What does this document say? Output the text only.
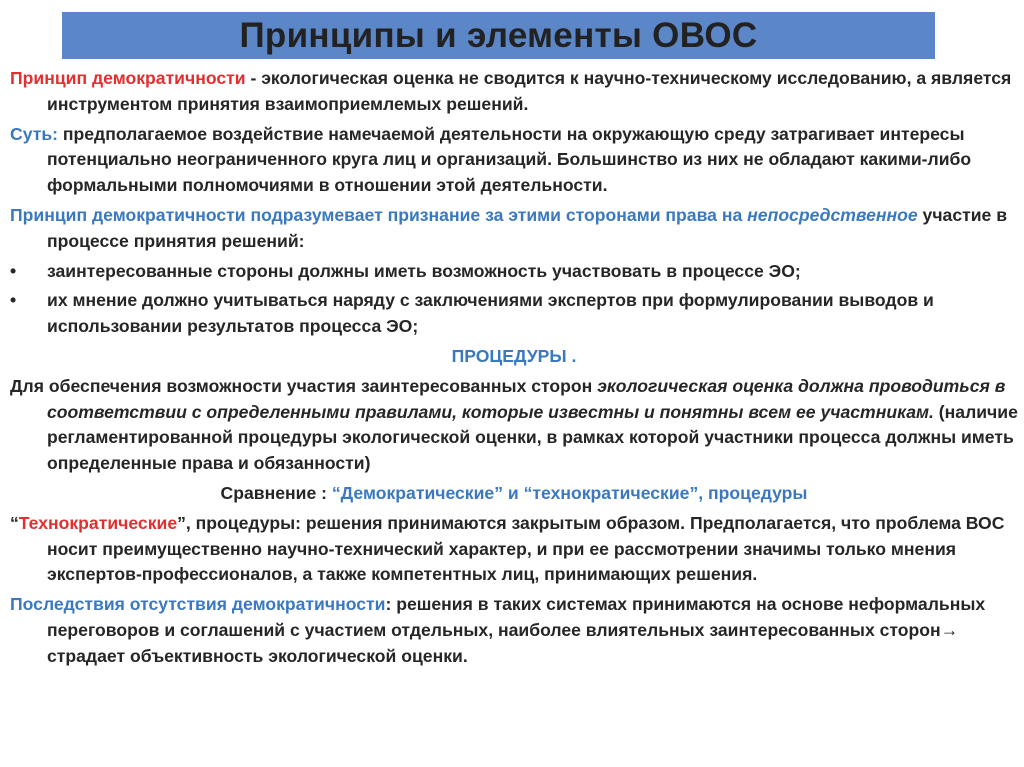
Принципы и элементы ОВОС

Принцип демократичности - экологическая оценка не сводится к научно-техническому исследованию, а является инструментом принятия взаимоприемлемых решений.

Суть: предполагаемое воздействие намечаемой деятельности на окружающую среду затрагивает интересы потенциально неограниченного круга лиц и организаций. Большинство из них не обладают какими-либо формальными полномочиями в отношении этой деятельности.

Принцип демократичности подразумевает признание за этими сторонами права на непосредственное участие в процессе принятия решений:

• заинтересованные стороны должны иметь возможность участвовать в процессе ЭО;
• их мнение должно учитываться наряду с заключениями экспертов при формулировании выводов и использовании результатов процесса ЭО;

ПРОЦЕДУРЫ .

Для обеспечения возможности участия заинтересованных сторон экологическая оценка должна проводиться в соответствии с определенными правилами, которые известны и понятны всем ее участникам. (наличие регламентированной процедуры экологической оценки, в рамках которой участники процесса должны иметь определенные права и обязанности)

Сравнение : “Демократические” и “технократические”, процедуры

“Технократические”, процедуры: решения принимаются закрытым образом. Предполагается, что проблема ВОС носит преимущественно научно-технический характер, и при ее рассмотрении значимы только мнения экспертов-профессионалов, а также компетентных лиц, принимающих решения.

Последствия отсутствия демократичности: решения в таких системах принимаются на основе неформальных переговоров и соглашений с участием отдельных, наиболее влиятельных заинтересованных сторон→ страдает объективность экологической оценки.
